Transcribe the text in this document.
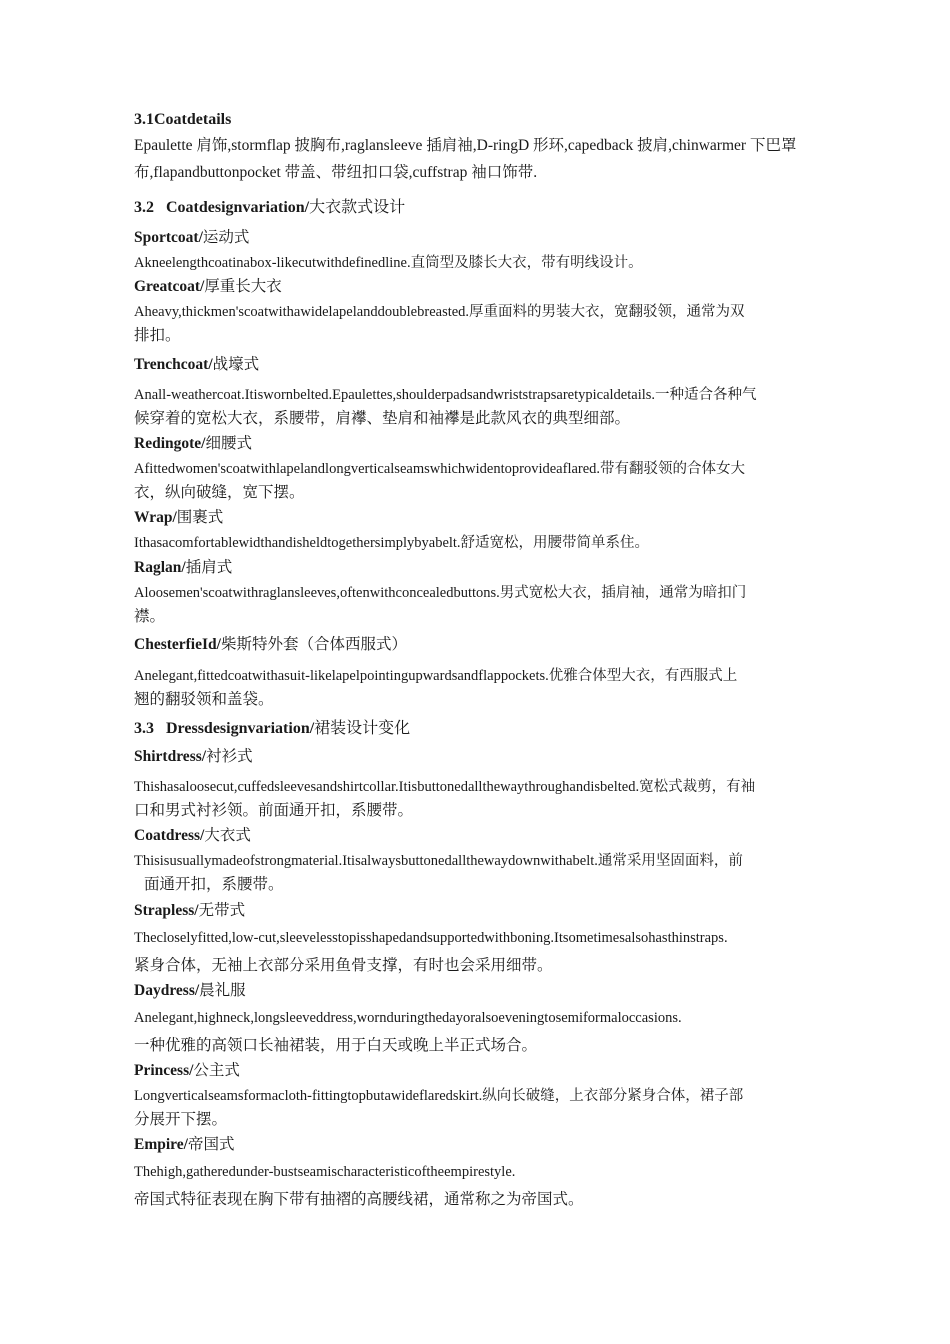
3.1Coatdetails
Epaulette 肩饰,stormflap 披胸布,raglansleeve 插肩袖,D-ringD 形环,capedback 披肩,chinwarmer 下巴罩
布,flapandbuttonpocket 带盖、带纽扣口袋,cuffstrap 袖口饰带.
3.2 Coatdesignvariation/大衣款式设计
Sportcoat/运动式
Akneelengthcoatinabox-likecutwithdefinedline.直筒型及膝长大衣，带有明线设计。
Greatcoat/厚重长大衣
Aheavy,thickmen'scoatwithawidelapelanddoublebreasted.厚重面料的男装大衣，宽翻驳领，通常为双
排扣。
Trenchcoat/战壕式
Anall-weathercoat.Itiswornbelted.Epaulettes,shoulderpadsandwriststrapsaretypicaldetails.一种适合各种气
候穿着的宽松大衣，系腰带，肩襻、垫肩和袖襻是此款风衣的典型细部。
Redingote/细腰式
Afittedwomen'scoatwithlapelandlongverticalseamswhichwidentoprovideaflared.带有翻驳领的合体女大
衣，纵向破缝，宽下摆。
Wrap/围裹式
Ithasacomfortablewidthandisheldtogethersimplybyabelt.舒适宽松，用腰带简单系住。
Raglan/插肩式
Aloosemen'scoatwithraglansleeves,oftenwithconcealedbuttons.男式宽松大衣，插肩袖，通常为暗扣门
襟。
ChesterfieId/柴斯特外套（合体西服式）
Anelegant,fittedcoatwithasuit-likelapelpointingupwardsandflappockets.优雅合体型大衣，有西服式上
翘的翻驳领和盖袋。
3.3 Dressdesignvariation/裙装设计变化
Shirtdress/衬衫式
Thishasaloosecut,cuffedsleevesandshirtcollar.Itisbuttonedallthewaythroughandisbelted.宽松式裁剪，有袖
口和男式衬衫领。前面通开扣，系腰带。
Coatdress/大衣式
Thisisusuallymadeofstrongmaterial.Itisalwaysbuttonedallthewaydownwithabelt.通常采用坚固面料，前
面通开扣，系腰带。
Strapless/无带式
Thecloselyfitted,low-cut,sleevelesstopisshapedandsupportedwithboning.Itsometimesalsohasthinstraps.
紧身合体，无袖上衣部分采用鱼骨支撑，有时也会采用细带。
Daydress/晨礼服
Anelegant,highneck,longsleeveddress,wornduringthedayoralsoeveningtosemiformaloccasions.
一种优雅的高领口长袖裙装，用于白天或晚上半正式场合。
Princess/公主式
Longverticalseamsformacloth-fittingtopbutawideflaredskirt.纵向长破缝，上衣部分紧身合体，裙子部
分展开下摆。
Empire/帝国式
Thehigh,gatheredunder-bustseamischaracteristicoftheempirestyle.
帝国式特征表现在胸下带有抽褶的高腰线裙，通常称之为帝国式。
